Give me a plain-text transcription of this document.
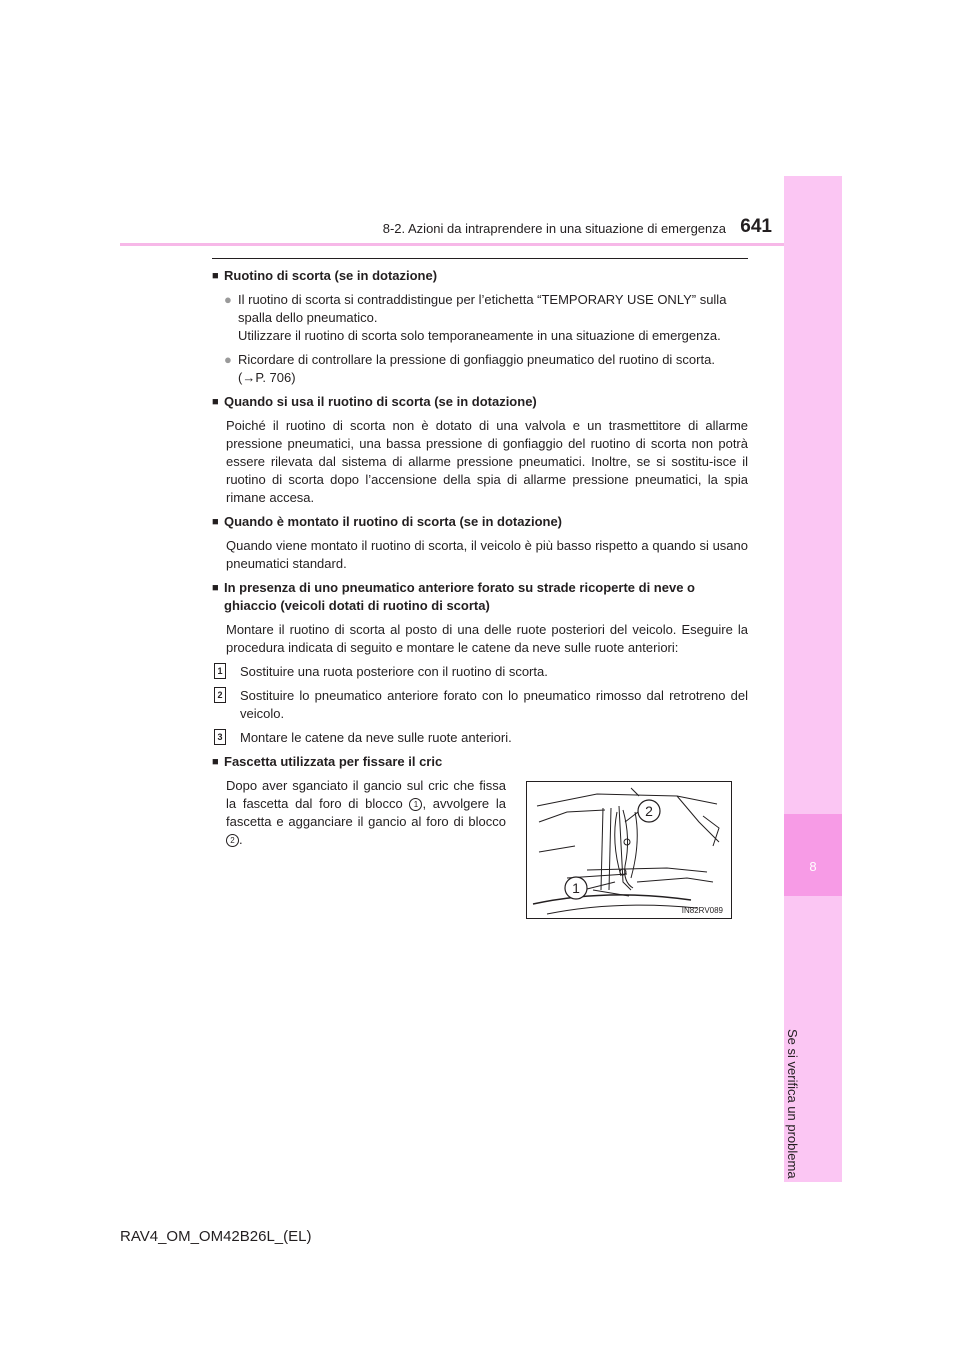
8-2. Azioni da intraprendere in una situazione di emergenza 641
8
Se si verifica un problema
■ Ruotino di scorta (se in dotazione)
● Il ruotino di scorta si contraddistingue per l’etichetta “TEMPORARY USE ONLY” sulla spalla dello pneumatico.
Utilizzare il ruotino di scorta solo temporaneamente in una situazione di emergenza.
● Ricordare di controllare la pressione di gonfiaggio pneumatico del ruotino di scorta.
(→P. 706)
■ Quando si usa il ruotino di scorta (se in dotazione)
Poiché il ruotino di scorta non è dotato di una valvola e un trasmettitore di allarme pressione pneumatici, una bassa pressione di gonfiaggio del ruotino di scorta non potrà essere rilevata dal sistema di allarme pressione pneumatici. Inoltre, se si sostitu-isce il ruotino di scorta dopo l’accensione della spia di allarme pressione pneumatici, la spia rimane accesa.
■ Quando è montato il ruotino di scorta (se in dotazione)
Quando viene montato il ruotino di scorta, il veicolo è più basso rispetto a quando si usano pneumatici standard.
■ In presenza di uno pneumatico anteriore forato su strade ricoperte di neve o ghiaccio (veicoli dotati di ruotino di scorta)
Montare il ruotino di scorta al posto di una delle ruote posteriori del veicolo. Eseguire la procedura indicata di seguito e montare le catene da neve sulle ruote anteriori:
1 Sostituire una ruota posteriore con il ruotino di scorta.
2 Sostituire lo pneumatico anteriore forato con lo pneumatico rimosso dal retrotreno del veicolo.
3 Montare le catene da neve sulle ruote anteriori.
■ Fascetta utilizzata per fissare il cric
Dopo aver sganciato il gancio sul cric che fissa la fascetta dal foro di blocco 1 , avvolgere la fascetta e agganciare il gancio al foro di blocco 2 .
2
1
IN82RV089
RAV4_OM_OM42B26L_(EL)
